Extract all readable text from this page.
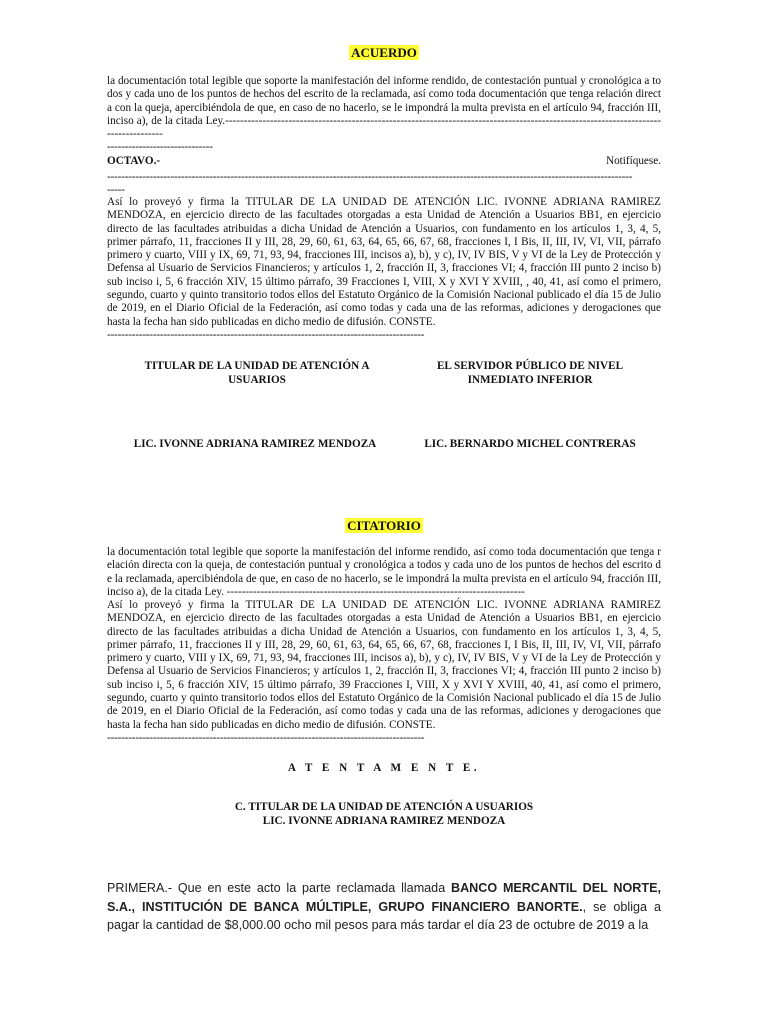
ACUERDO

la documentación total legible que soporte la manifestación del informe rendido, de contestación puntual y cronológica a todos y cada uno de los puntos de hechos del escrito de la reclamada, así como toda documentación que tenga relación directa con la queja, apercibiéndola de que, en caso de no hacerlo, se le impondrá la multa prevista en el artículo 94, fracción III, inciso a), de la citada Ley.------------------------------------------------------------------------------------------------------------------------------------

------------------------------
OCTAVO.-	Notifíquese.
-----------------------------------------------------------------------------------------------------------------------------------------------------
-----

Así lo proveyó y firma la TITULAR DE LA UNIDAD DE ATENCIÓN LIC. IVONNE ADRIANA RAMIREZ MENDOZA, en ejercicio directo de las facultades otorgadas a esta Unidad de Atención a Usuarios BB1, en ejercicio directo de las facultades atribuidas a dicha Unidad de Atención a Usuarios, con fundamento en los artículos 1, 3, 4, 5, primer párrafo, 11, fracciones II y III, 28, 29, 60, 61, 63, 64, 65, 66, 67, 68, fracciones I, I Bis, II, III, IV, VI, VII, párrafo primero y cuarto, VIII y IX, 69, 71, 93, 94, fracciones III, incisos a), b), y c), IV, IV BIS, V y VI de la Ley de Protección y Defensa al Usuario de Servicios Financieros; y artículos 1, 2, fracción II, 3, fracciones VI; 4, fracción III punto 2 inciso b) sub inciso i, 5, 6 fracción XIV, 15 último párrafo, 39 Fracciones I, VIII, X y XVI Y XVIII, , 40, 41, así como el primero, segundo, cuarto y quinto transitorio todos ellos del Estatuto Orgánico de la Comisión Nacional publicado el día 15 de Julio de 2019, en el Diario Oficial de la Federación, así como todas y cada una de las reformas, adiciones y derogaciones que hasta la fecha han sido publicadas en dicho medio de difusión. CONSTE.

------------------------------------------------------------------------------------------
TITULAR DE LA UNIDAD DE ATENCIÓN A USUARIOS
EL SERVIDOR PÚBLICO DE NIVEL INMEDIATO INFERIOR
LIC. IVONNE ADRIANA RAMIREZ MENDOZA	LIC. BERNARDO MICHEL CONTRERAS
CITATORIO

la documentación total legible que soporte la manifestación del informe rendido, así como toda documentación que tenga relación directa con la queja, de contestación puntual y cronológica a todos y cada uno de los puntos de hechos del escrito de la reclamada, apercibiéndola de que, en caso de no hacerlo, se le impondrá la multa prevista en el artículo 94, fracción III, inciso a), de la citada Ley. --------------------------------------------------------------------------------

Así lo proveyó y firma la TITULAR DE LA UNIDAD DE ATENCIÓN LIC. IVONNE ADRIANA RAMIREZ MENDOZA, en ejercicio directo de las facultades otorgadas a esta Unidad de Atención a Usuarios BB1, en ejercicio directo de las facultades atribuidas a dicha Unidad de Atención a Usuarios, con fundamento en los artículos 1, 3, 4, 5, primer párrafo, 11, fracciones II y III, 28, 29, 60, 61, 63, 64, 65, 66, 67, 68, fracciones I, I Bis, II, III, IV, VI, VII, párrafo primero y cuarto, VIII y IX, 69, 71, 93, 94, fracciones III, incisos a), b), y c), IV, IV BIS, V y VI de la Ley de Protección y Defensa al Usuario de Servicios Financieros; y artículos 1, 2, fracción II, 3, fracciones VI; 4, fracción III punto 2 inciso b) sub inciso i, 5, 6 fracción XIV, 15 último párrafo, 39 Fracciones I, VIII, X y XVI Y XVIII, 40, 41, así como el primero, segundo, cuarto y quinto transitorio todos ellos del Estatuto Orgánico de la Comisión Nacional publicado el día 15 de Julio de 2019, en el Diario Oficial de la Federación, así como todas y cada una de las reformas, adiciones y derogaciones que hasta la fecha han sido publicadas en dicho medio de difusión. CONSTE.

------------------------------------------------------------------------------------------
A T E N T A M E N T E.
C. TITULAR DE LA UNIDAD DE ATENCIÓN A USUARIOS
LIC. IVONNE ADRIANA RAMIREZ MENDOZA
PRIMERA.- Que en este acto la parte reclamada llamada BANCO MERCANTIL DEL NORTE, S.A., INSTITUCIÓN DE BANCA MÚLTIPLE, GRUPO FINANCIERO BANORTE., se obliga a pagar la cantidad de $8,000.00 ocho mil pesos para más tardar el día 23 de octubre de 2019 a la
